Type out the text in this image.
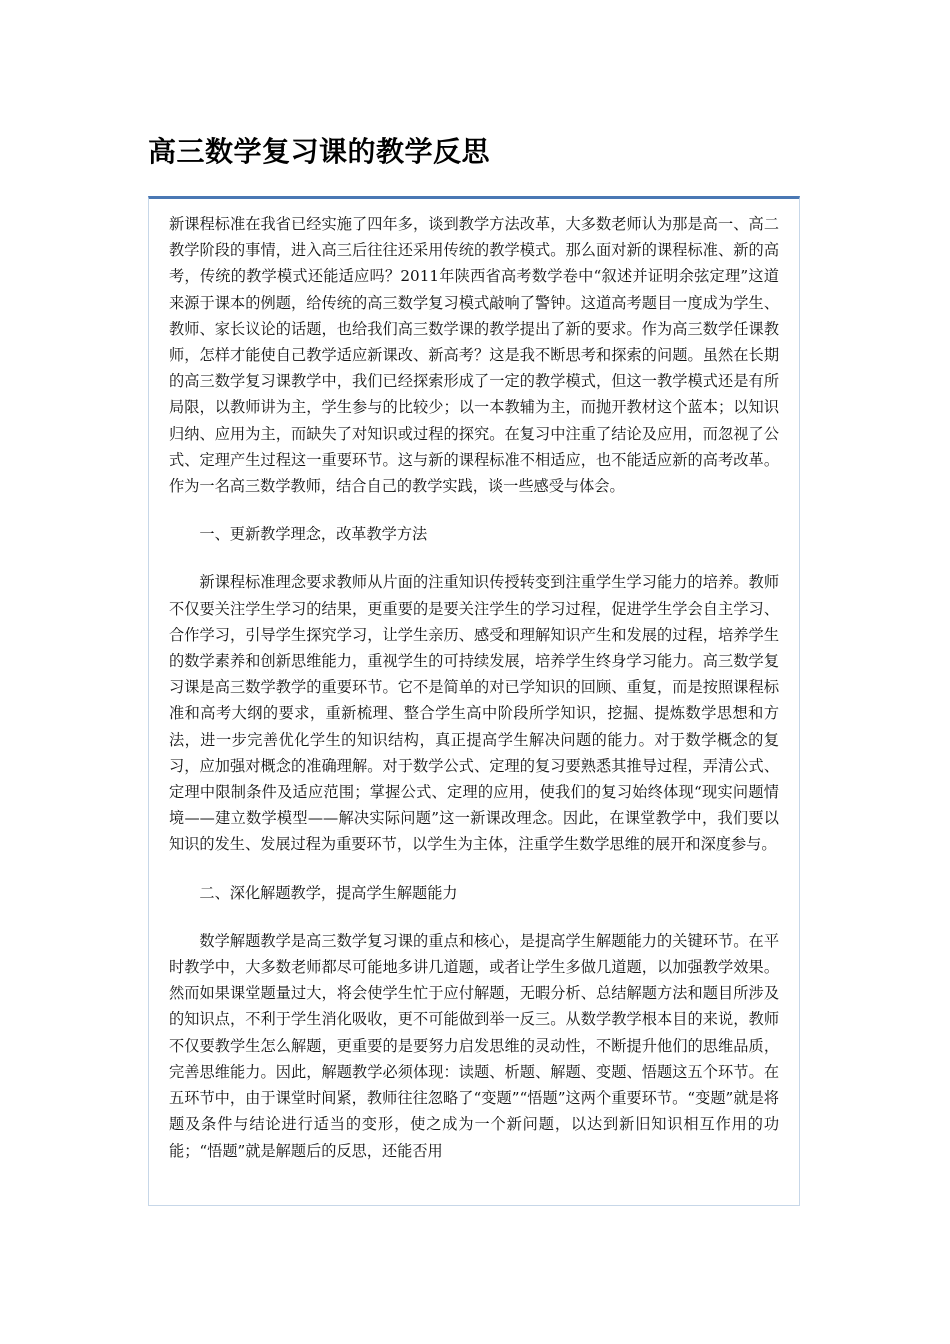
高三数学复习课的教学反思

新课程标准在我省已经实施了四年多，谈到教学方法改革，大多数老师认为那是高一、高二教学阶段的事情，进入高三后往往还采用传统的教学模式。那么面对新的课程标准、新的高考，传统的教学模式还能适应吗？2011年陕西省高考数学卷中“叙述并证明余弦定理”这道来源于课本的例题，给传统的高三数学复习模式敲响了警钟。这道高考题目一度成为学生、教师、家长议论的话题，也给我们高三数学课的教学提出了新的要求。作为高三数学任课教师，怎样才能使自己教学适应新课改、新高考？这是我不断思考和探索的问题。虽然在长期的高三数学复习课教学中，我们已经探索形成了一定的教学模式，但这一教学模式还是有所局限，以教师讲为主，学生参与的比较少；以一本教辅为主，而抛开教材这个蓝本；以知识归纳、应用为主，而缺失了对知识或过程的探究。在复习中注重了结论及应用，而忽视了公式、定理产生过程这一重要环节。这与新的课程标准不相适应，也不能适应新的高考改革。作为一名高三数学教师，结合自己的教学实践，谈一些感受与体会。

一、更新教学理念，改革教学方法

新课程标准理念要求教师从片面的注重知识传授转变到注重学生学习能力的培养。教师不仅要关注学生学习的结果，更重要的是要关注学生的学习过程，促进学生学会自主学习、合作学习，引导学生探究学习，让学生亲历、感受和理解知识产生和发展的过程，培养学生的数学素养和创新思维能力，重视学生的可持续发展，培养学生终身学习能力。高三数学复习课是高三数学教学的重要环节。它不是简单的对已学知识的回顾、重复，而是按照课程标准和高考大纲的要求，重新梳理、整合学生高中阶段所学知识，挖掘、提炼数学思想和方法，进一步完善优化学生的知识结构，真正提高学生解决问题的能力。对于数学概念的复习，应加强对概念的准确理解。对于数学公式、定理的复习要熟悉其推导过程，弄清公式、定理中限制条件及适应范围；掌握公式、定理的应用，使我们的复习始终体现“现实问题情境——建立数学模型——解决实际问题”这一新课改理念。因此，在课堂教学中，我们要以知识的发生、发展过程为重要环节，以学生为主体，注重学生数学思维的展开和深度参与。

二、深化解题教学，提高学生解题能力

数学解题教学是高三数学复习课的重点和核心，是提高学生解题能力的关键环节。在平时教学中，大多数老师都尽可能地多讲几道题，或者让学生多做几道题，以加强教学效果。然而如果课堂题量过大，将会使学生忙于应付解题，无暇分析、总结解题方法和题目所涉及的知识点，不利于学生消化吸收，更不可能做到举一反三。从数学教学根本目的来说，教师不仅要教学生怎么解题，更重要的是要努力启发思维的灵动性，不断提升他们的思维品质，完善思维能力。因此，解题教学必须体现：读题、析题、解题、变题、悟题这五个环节。在五环节中，由于课堂时间紧，教师往往忽略了“变题”“悟题”这两个重要环节。“变题”就是将题及条件与结论进行适当的变形，使之成为一个新问题，以达到新旧知识相互作用的功能；“悟题”就是解题后的反思，还能否用
